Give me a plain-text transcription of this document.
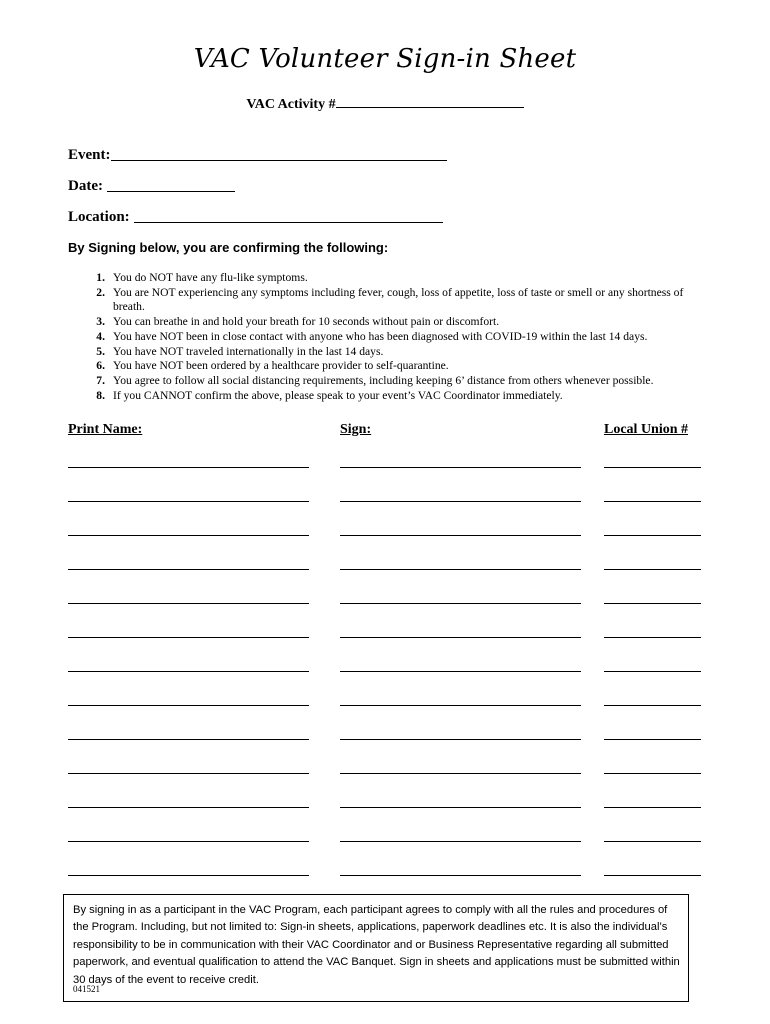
VAC Volunteer Sign-in Sheet
VAC Activity #
Event:
Date:
Location:
By Signing below, you are confirming the following:
1. You do NOT have any flu-like symptoms.
2. You are NOT experiencing any symptoms including fever, cough, loss of appetite, loss of taste or smell or any shortness of breath.
3. You can breathe in and hold your breath for 10 seconds without pain or discomfort.
4. You have NOT been in close contact with anyone who has been diagnosed with COVID-19 within the last 14 days.
5. You have NOT traveled internationally in the last 14 days.
6. You have NOT been ordered by a healthcare provider to self-quarantine.
7. You agree to follow all social distancing requirements, including keeping 6’ distance from others whenever possible.
8. If you CANNOT confirm the above, please speak to your event’s VAC Coordinator immediately.
Print Name:	Sign:	Local Union #
By signing in as a participant in the VAC Program, each participant agrees to comply with all the rules and procedures of the Program. Including, but not limited to: Sign-in sheets, applications, paperwork deadlines etc. It is also the individual’s responsibility to be in communication with their VAC Coordinator and or Business Representative regarding all submitted paperwork, and eventual qualification to attend the VAC Banquet. Sign in sheets and applications must be submitted within 30 days of the event to receive credit.
041521
